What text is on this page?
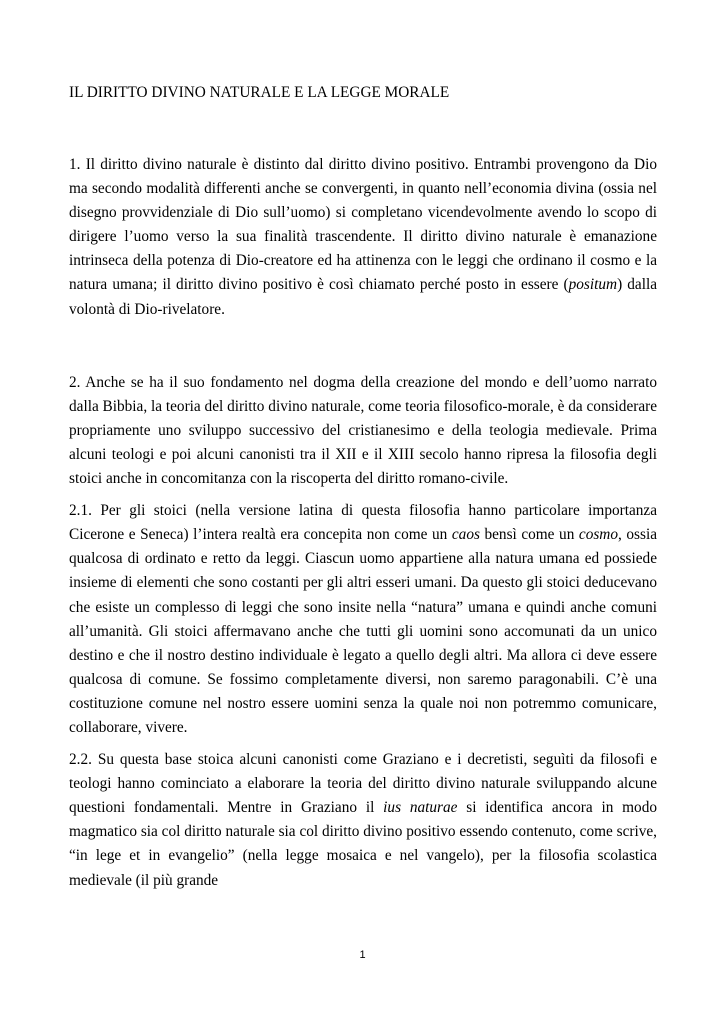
IL DIRITTO DIVINO NATURALE E LA LEGGE MORALE

1. Il diritto divino naturale è distinto dal diritto divino positivo. Entrambi provengono da Dio ma secondo modalità differenti anche se convergenti, in quanto nell’economia divina (ossia nel disegno provvidenziale di Dio sull’uomo) si completano vicendevolmente avendo lo scopo di dirigere l’uomo verso la sua finalità trascendente. Il diritto divino naturale è emanazione intrinseca della potenza di Dio-creatore ed ha attinenza con le leggi che ordinano il cosmo e la natura umana; il diritto divino positivo è così chiamato perché posto in essere (positum) dalla volontà di Dio-rivelatore.

2. Anche se ha il suo fondamento nel dogma della creazione del mondo e dell’uomo narrato dalla Bibbia, la teoria del diritto divino naturale, come teoria filosofico-morale, è da considerare propriamente uno sviluppo successivo del cristianesimo e della teologia medievale. Prima alcuni teologi e poi alcuni canonisti tra il XII e il XIII secolo hanno ripresa la filosofia degli stoici anche in concomitanza con la riscoperta del diritto romano-civile.

2.1. Per gli stoici (nella versione latina di questa filosofia hanno particolare importanza Cicerone e Seneca) l’intera realtà era concepita non come un caos bensì come un cosmo, ossia qualcosa di ordinato e retto da leggi. Ciascun uomo appartiene alla natura umana ed possiede insieme di elementi che sono costanti per gli altri esseri umani. Da questo gli stoici deducevano che esiste un complesso di leggi che sono insite nella “natura” umana e quindi anche comuni all’umanità. Gli stoici affermavano anche che tutti gli uomini sono accomunati da un unico destino e che il nostro destino individuale è legato a quello degli altri. Ma allora ci deve essere qualcosa di comune. Se fossimo completamente diversi, non saremo paragonabili. C’è una costituzione comune nel nostro essere uomini senza la quale noi non potremmo comunicare, collaborare, vivere.

2.2. Su questa base stoica alcuni canonisti come Graziano e i decretisti, seguìti da filosofi e teologi hanno cominciato a elaborare la teoria del diritto divino naturale sviluppando alcune questioni fondamentali. Mentre in Graziano il ius naturae si identifica ancora in modo magmatico sia col diritto naturale sia col diritto divino positivo essendo contenuto, come scrive, “in lege et in evangelio” (nella legge mosaica e nel vangelo), per la filosofia scolastica medievale (il più grande

1
